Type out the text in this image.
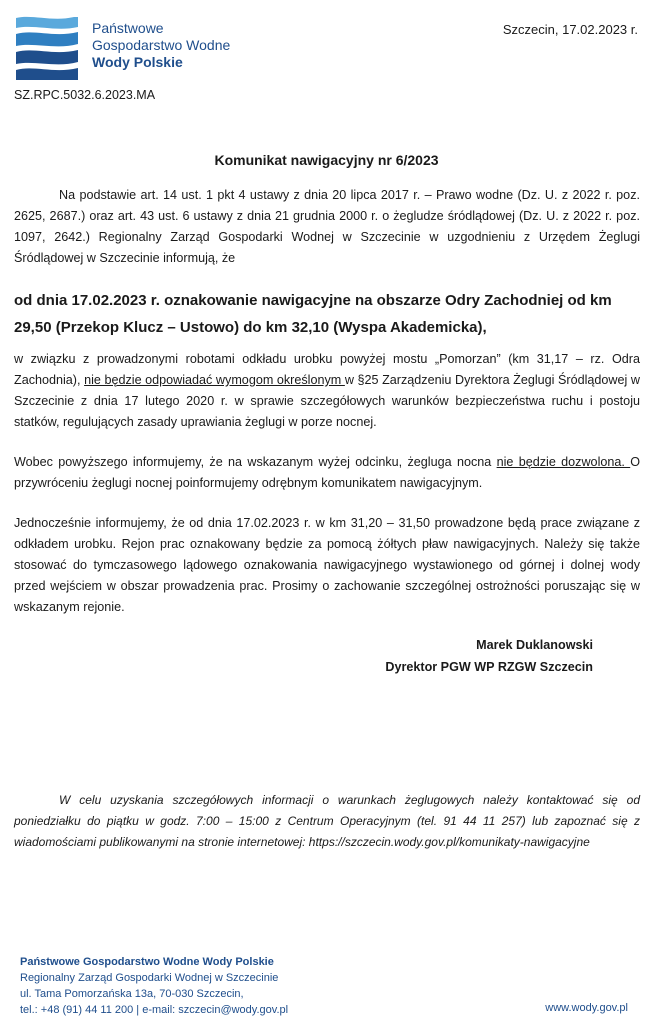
Państwowe
Gospodarstwo Wodne
Wody Polskie
Szczecin, 17.02.2023 r.
SZ.RPC.5032.6.2023.MA
Komunikat nawigacyjny nr 6/2023
Na podstawie art. 14 ust. 1 pkt 4 ustawy z dnia 20 lipca 2017 r. – Prawo wodne (Dz. U. z 2022 r. poz. 2625, 2687.) oraz art. 43 ust. 6 ustawy z dnia 21 grudnia 2000 r. o żegludze śródlądowej (Dz. U. z 2022 r. poz. 1097, 2642.) Regionalny Zarząd Gospodarki Wodnej w Szczecinie w uzgodnieniu z Urzędem Żeglugi Śródlądowej w Szczecinie informują, że
od dnia 17.02.2023 r. oznakowanie nawigacyjne na obszarze Odry Zachodniej od km 29,50 (Przekop Klucz – Ustowo) do km 32,10 (Wyspa Akademicka),
w związku z prowadzonymi robotami odkładu urobku powyżej mostu „Pomorzan” (km 31,17 – rz. Odra Zachodnia), nie będzie odpowiadać wymogom określonym w §25 Zarządzeniu Dyrektora Żeglugi Śródlądowej w Szczecinie z dnia 17 lutego 2020 r. w sprawie szczegółowych warunków bezpieczeństwa ruchu i postoju statków, regulujących zasady uprawiania żeglugi w porze nocnej.
Wobec powyższego informujemy, że na wskazanym wyżej odcinku, żegluga nocna nie będzie dozwolona. O przywróceniu żeglugi nocnej poinformujemy odrębnym komunikatem nawigacyjnym.
Jednocześnie informujemy, że od dnia 17.02.2023 r. w km 31,20 – 31,50 prowadzone będą prace związane z odkładem urobku. Rejon prac oznakowany będzie za pomocą żółtych pław nawigacyjnych. Należy się także stosować do tymczasowego lądowego oznakowania nawigacyjnego wystawionego od górnej i dolnej wody przed wejściem w obszar prowadzenia prac. Prosimy o zachowanie szczególnej ostrożności poruszając się w wskazanym rejonie.
Marek Duklanowski
Dyrektor PGW WP RZGW Szczecin
W celu uzyskania szczegółowych informacji o warunkach żeglugowych należy kontaktować się od poniedziałku do piątku w godz. 7:00 – 15:00 z Centrum Operacyjnym (tel. 91 44 11 257) lub zapoznać się z wiadomościami publikowanymi na stronie internetowej: https://szczecin.wody.gov.pl/komunikaty-nawigacyjne
Państwowe Gospodarstwo Wodne Wody Polskie
Regionalny Zarząd Gospodarki Wodnej w Szczecinie
ul. Tama Pomorzańska 13a, 70-030 Szczecin,
tel.: +48 (91) 44 11 200 | e-mail: szczecin@wody.gov.pl	www.wody.gov.pl
